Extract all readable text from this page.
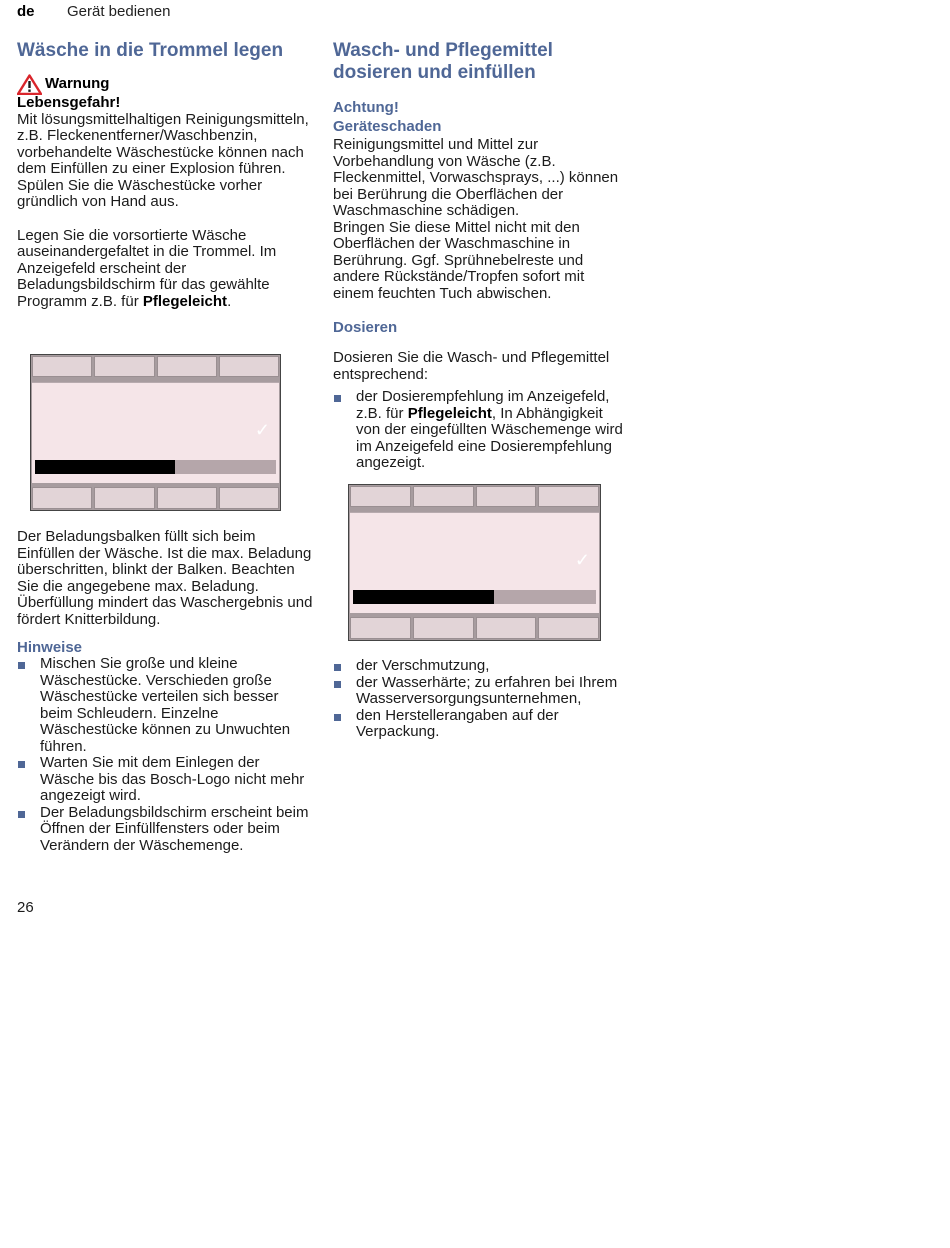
de Gerät bedienen
Wäsche in die Trommel legen
Warnung

Lebensgefahr!

Mit lösungsmittelhaltigen Reinigungsmitteln, z.B. Fleckenentferner/Waschbenzin, vorbehandelte Wäschestücke können nach dem Einfüllen zu einer Explosion führen.

Spülen Sie die Wäschestücke vorher gründlich von Hand aus.

Legen Sie die vorsortierte Wäsche auseinandergefaltet in die Trommel. Im Anzeigefeld erscheint der Beladungsbildschirm für das gewählte Programm z.B. für Pflegeleicht.

✓

Der Beladungsbalken füllt sich beim Einfüllen der Wäsche. Ist die max. Beladung überschritten, blinkt der Balken. Beachten Sie die angegebene max. Beladung. Überfüllung mindert das Waschergebnis und fördert Knitterbildung.

Hinweise
Mischen Sie große und kleine Wäschestücke. Verschieden große Wäschestücke verteilen sich besser beim Schleudern. Einzelne Wäschestücke können zu Unwuchten führen.
Warten Sie mit dem Einlegen der Wäsche bis das Bosch-Logo nicht mehr angezeigt wird.
Der Beladungsbildschirm erscheint beim Öffnen der Einfüllfensters oder beim Verändern der Wäschemenge.
Wasch- und Pflegemittel dosieren und einfüllen
Achtung!
Geräteschaden

Reinigungsmittel und Mittel zur Vorbehandlung von Wäsche (z.B. Fleckenmittel, Vorwaschsprays, ...) können bei Berührung die Oberflächen der Waschmaschine schädigen.

Bringen Sie diese Mittel nicht mit den Oberflächen der Waschmaschine in Berührung. Ggf. Sprühnebelreste und andere Rückstände/Tropfen sofort mit einem feuchten Tuch abwischen.

Dosieren

Dosieren Sie die Wasch- und Pflegemittel entsprechend:

der Dosierempfehlung im Anzeigefeld, z.B. für Pflegeleicht, In Abhängigkeit von der eingefüllten Wäschemenge wird im Anzeigefeld eine Dosierempfehlung angezeigt.
✓
der Verschmutzung,
der Wasserhärte; zu erfahren bei Ihrem Wasserversorgungsunternehmen,
den Herstellerangaben auf der Verpackung.
26
